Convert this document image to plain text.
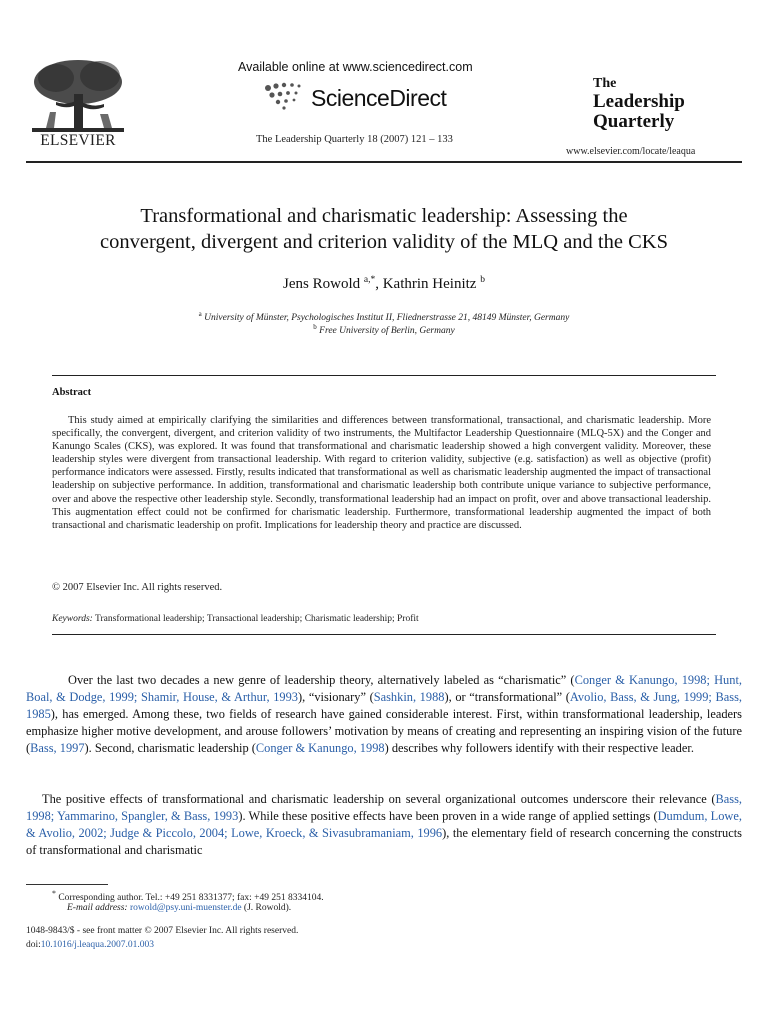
ELSEVIER
Available online at www.sciencedirect.com
ScienceDirect
The Leadership Quarterly 18 (2007) 121 – 133
The
Leadership
Quarterly
www.elsevier.com/locate/leaqua
Transformational and charismatic leadership: Assessing the
convergent, divergent and criterion validity of the MLQ and the CKS
Jens Rowold $^{a,*}$, Kathrin Heinitz $^b$
$^a$ University of Münster, Psychologisches Institut II, Fliednerstrasse 21, 48149 Münster, Germany
$^b$ Free University of Berlin, Germany
Abstract
This study aimed at empirically clarifying the similarities and differences between transformational, transactional, and charismatic leadership. More specifically, the convergent, divergent, and criterion validity of two instruments, the Multifactor Leadership Questionnaire (MLQ-5X) and the Conger and Kanungo Scales (CKS), was explored. It was found that transformational and charismatic leadership showed a high convergent validity. Moreover, these leadership styles were divergent from transactional leadership. With regard to criterion validity, subjective (e.g. satisfaction) as well as objective (profit) performance indicators were assessed. Firstly, results indicated that transformational as well as charismatic leadership augmented the impact of transactional leadership on subjective performance. In addition, transformational and charismatic leadership both contribute unique variance to subjective performance, over and above the respective other leadership style. Secondly, transformational leadership had an impact on profit, over and above transactional leadership. This augmentation effect could not be confirmed for charismatic leadership. Furthermore, transformational leadership augmented the impact of both transactional and charismatic leadership on profit. Implications for leadership theory and practice are discussed.
© 2007 Elsevier Inc. All rights reserved.
Keywords: Transformational leadership; Transactional leadership; Charismatic leadership; Profit
Over the last two decades a new genre of leadership theory, alternatively labeled as “charismatic” (Conger & Kanungo, 1998; Hunt, Boal, & Dodge, 1999; Shamir, House, & Arthur, 1993), “visionary” (Sashkin, 1988), or “transformational” (Avolio, Bass, & Jung, 1999; Bass, 1985), has emerged. Among these, two fields of research have gained considerable interest. First, within transformational leadership, leaders emphasize higher motive development, and arouse followers’ motivation by means of creating and representing an inspiring vision of the future (Bass, 1997). Second, charismatic leadership (Conger & Kanungo, 1998) describes why followers identify with their respective leader.
The positive effects of transformational and charismatic leadership on several organizational outcomes underscore their relevance (Bass, 1998; Yammarino, Spangler, & Bass, 1993). While these positive effects have been proven in a wide range of applied settings (Dumdum, Lowe, & Avolio, 2002; Judge & Piccolo, 2004; Lowe, Kroeck, & Sivasubramaniam, 1996), the elementary field of research concerning the constructs of transformational and charismatic
* Corresponding author. Tel.: +49 251 8331377; fax: +49 251 8334104.
E-mail address: rowold@psy.uni-muenster.de (J. Rowold).
1048-9843/$ - see front matter © 2007 Elsevier Inc. All rights reserved.
doi:10.1016/j.leaqua.2007.01.003
